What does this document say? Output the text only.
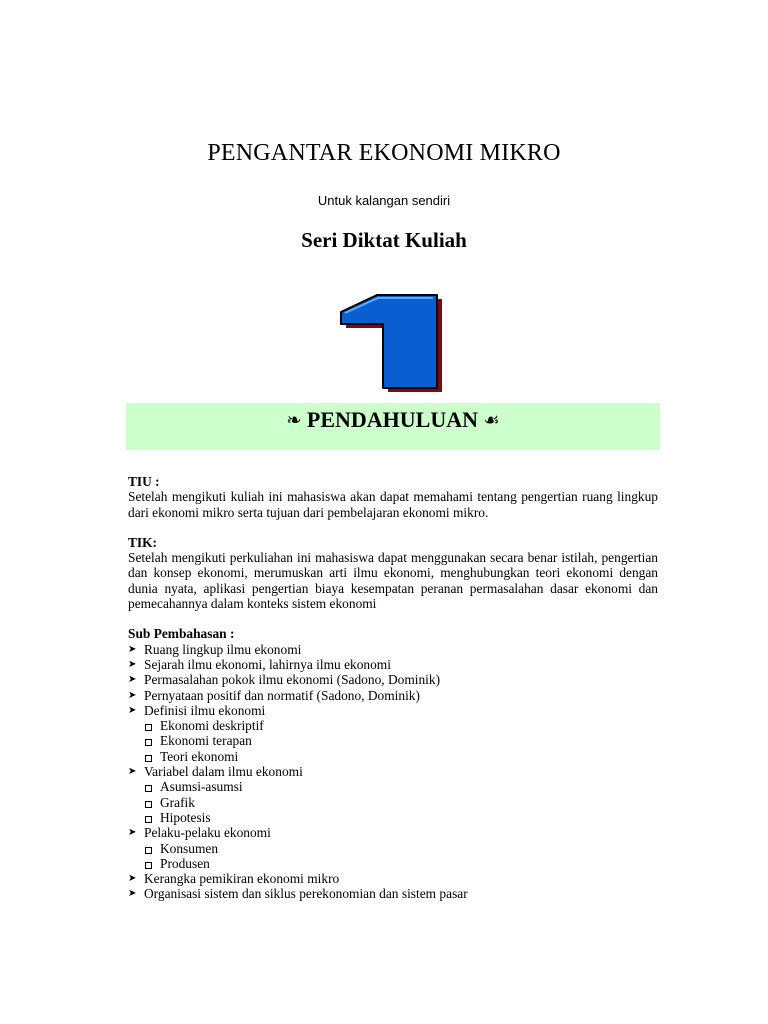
PENGANTAR EKONOMI MIKRO
Untuk kalangan sendiri
Seri Diktat Kuliah
❧ PENDAHULUAN ☙
TIU :

Setelah mengikuti kuliah ini mahasiswa akan dapat memahami tentang pengertian ruang lingkup dari ekonomi mikro serta tujuan dari pembelajaran ekonomi mikro.

TIK:

Setelah mengikuti perkuliahan ini mahasiswa dapat menggunakan secara benar istilah, pengertian dan konsep ekonomi, merumuskan arti ilmu ekonomi, menghubungkan teori ekonomi dengan dunia nyata, aplikasi pengertian biaya kesempatan peranan permasalahan dasar ekonomi dan pemecahannya dalam konteks sistem ekonomi

Sub Pembahasan :
➤ Ruang lingkup ilmu ekonomi
➤ Sejarah ilmu ekonomi, lahirnya ilmu ekonomi
➤ Permasalahan pokok ilmu ekonomi (Sadono, Dominik)
➤ Pernyataan positif dan normatif (Sadono, Dominik)
➤ Definisi ilmu ekonomi
Ekonomi deskriptif
Ekonomi terapan
Teori ekonomi
➤ Variabel dalam ilmu ekonomi
Asumsi-asumsi
Grafik
Hipotesis
➤ Pelaku-pelaku ekonomi
Konsumen
Produsen
➤ Kerangka pemikiran ekonomi mikro
➤ Organisasi sistem dan siklus perekonomian dan sistem pasar
